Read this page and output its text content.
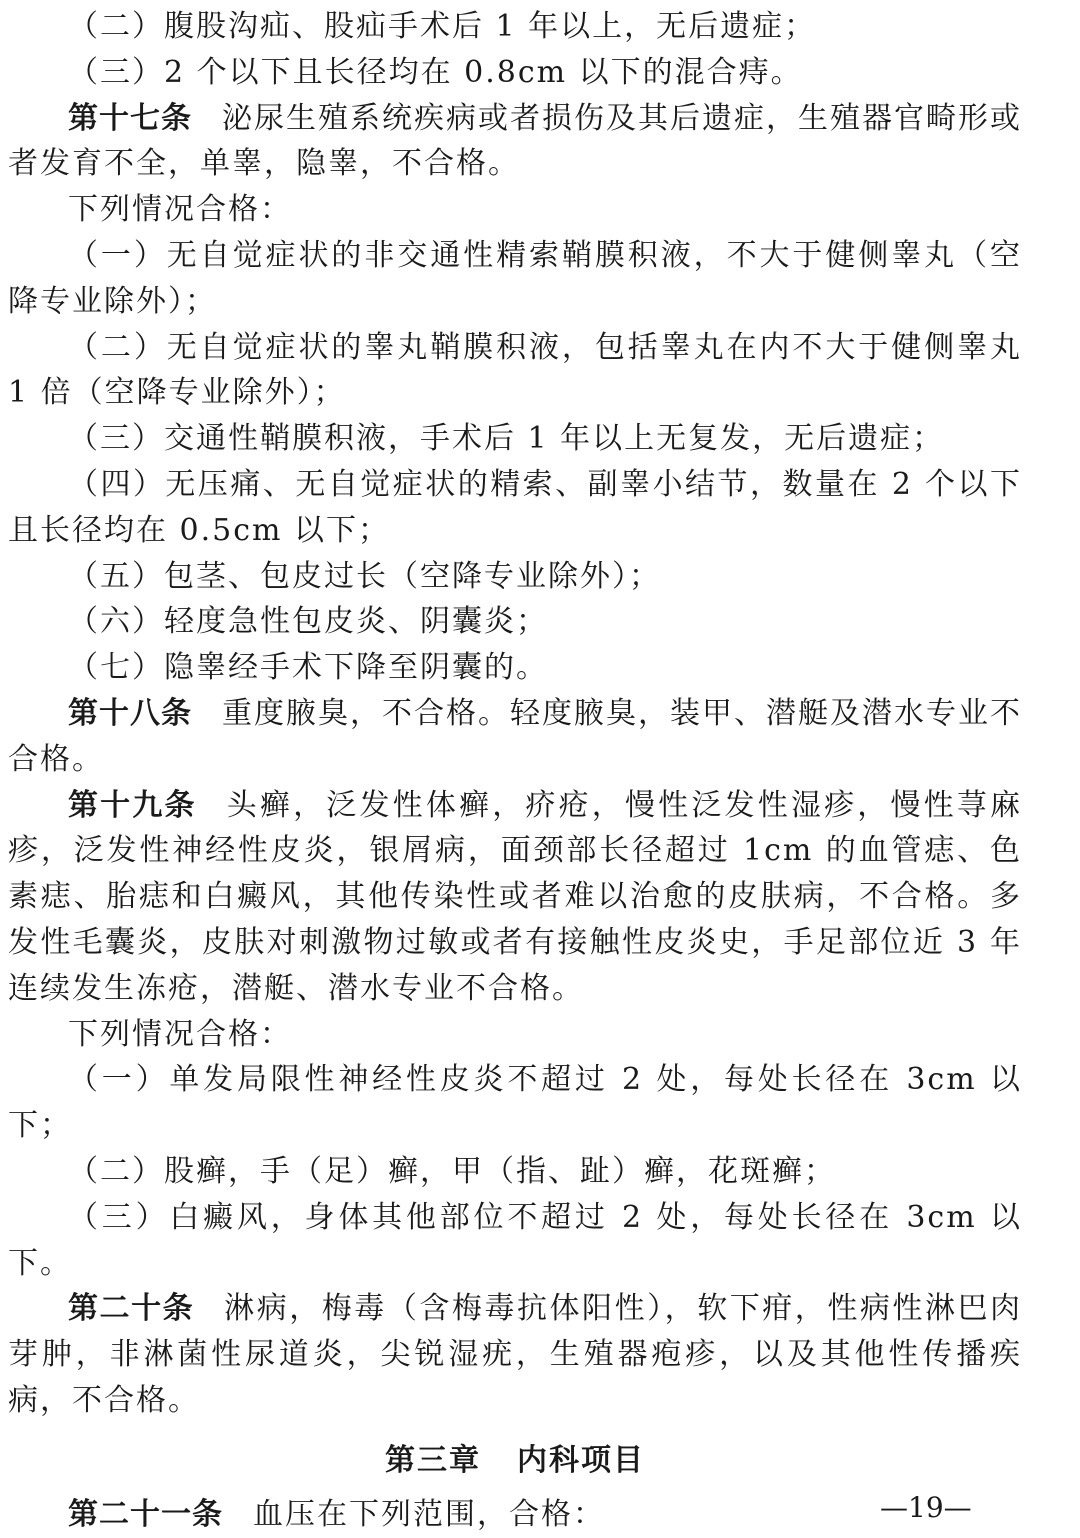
（二）腹股沟疝、股疝手术后 1 年以上，无后遗症；

（三）2 个以下且长径均在 0.8cm 以下的混合痔。

第十七条 泌尿生殖系统疾病或者损伤及其后遗症，生殖器官畸形或者发育不全，单睾，隐睾，不合格。

下列情况合格：

（一）无自觉症状的非交通性精索鞘膜积液，不大于健侧睾丸（空降专业除外）；

（二）无自觉症状的睾丸鞘膜积液，包括睾丸在内不大于健侧睾丸 1 倍（空降专业除外）；

（三）交通性鞘膜积液，手术后 1 年以上无复发，无后遗症；

（四）无压痛、无自觉症状的精索、副睾小结节，数量在 2 个以下且长径均在 0.5cm 以下；

（五）包茎、包皮过长（空降专业除外）；

（六）轻度急性包皮炎、阴囊炎；

（七）隐睾经手术下降至阴囊的。

第十八条 重度腋臭，不合格。轻度腋臭，装甲、潜艇及潜水专业不合格。

第十九条 头癣，泛发性体癣，疥疮，慢性泛发性湿疹，慢性荨麻疹，泛发性神经性皮炎，银屑病，面颈部长径超过 1cm 的血管痣、色素痣、胎痣和白癜风，其他传染性或者难以治愈的皮肤病，不合格。多发性毛囊炎，皮肤对刺激物过敏或者有接触性皮炎史，手足部位近 3 年连续发生冻疮，潜艇、潜水专业不合格。

下列情况合格：

（一）单发局限性神经性皮炎不超过 2 处，每处长径在 3cm 以下；

（二）股癣，手（足）癣，甲（指、趾）癣，花斑癣；

（三）白癜风，身体其他部位不超过 2 处，每处长径在 3cm 以下。

第二十条 淋病，梅毒（含梅毒抗体阳性），软下疳，性病性淋巴肉芽肿，非淋菌性尿道炎，尖锐湿疣，生殖器疱疹，以及其他性传播疾病，不合格。

第三章 内科项目

第二十一条 血压在下列范围，合格：	—19—
